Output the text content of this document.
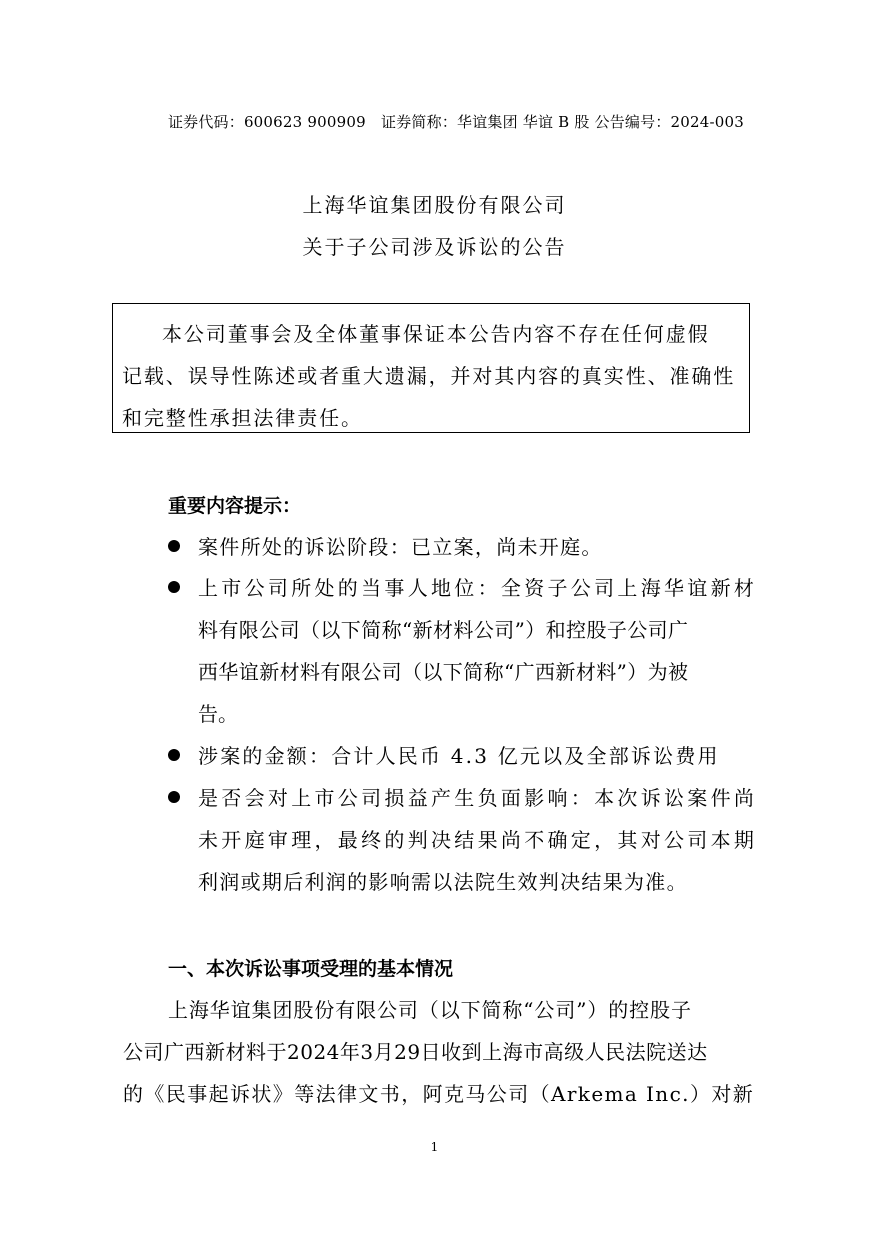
证券代码：600623 900909　证券简称：华谊集团 华谊 B 股 公告编号：2024-003
上海华谊集团股份有限公司
关于子公司涉及诉讼的公告
本公司董事会及全体董事保证本公告内容不存在任何虚假
记载、误导性陈述或者重大遗漏，并对其内容的真实性、准确性
和完整性承担法律责任。
重要内容提示：
案件所处的诉讼阶段：已立案，尚未开庭。
上市公司所处的当事人地位：全资子公司上海华谊新材
料有限公司（以下简称“新材料公司”）和控股子公司广
西华谊新材料有限公司（以下简称“广西新材料”）为被
告。
涉案的金额：合计人民币 4.3 亿元以及全部诉讼费用
是否会对上市公司损益产生负面影响：本次诉讼案件尚
未开庭审理，最终的判决结果尚不确定，其对公司本期
利润或期后利润的影响需以法院生效判决结果为准。
一、本次诉讼事项受理的基本情况
上海华谊集团股份有限公司（以下简称“公司”）的控股子
公司广西新材料于2024年3月29日收到上海市高级人民法院送达
的《民事起诉状》等法律文书，阿克马公司（Arkema Inc.）对新
1
